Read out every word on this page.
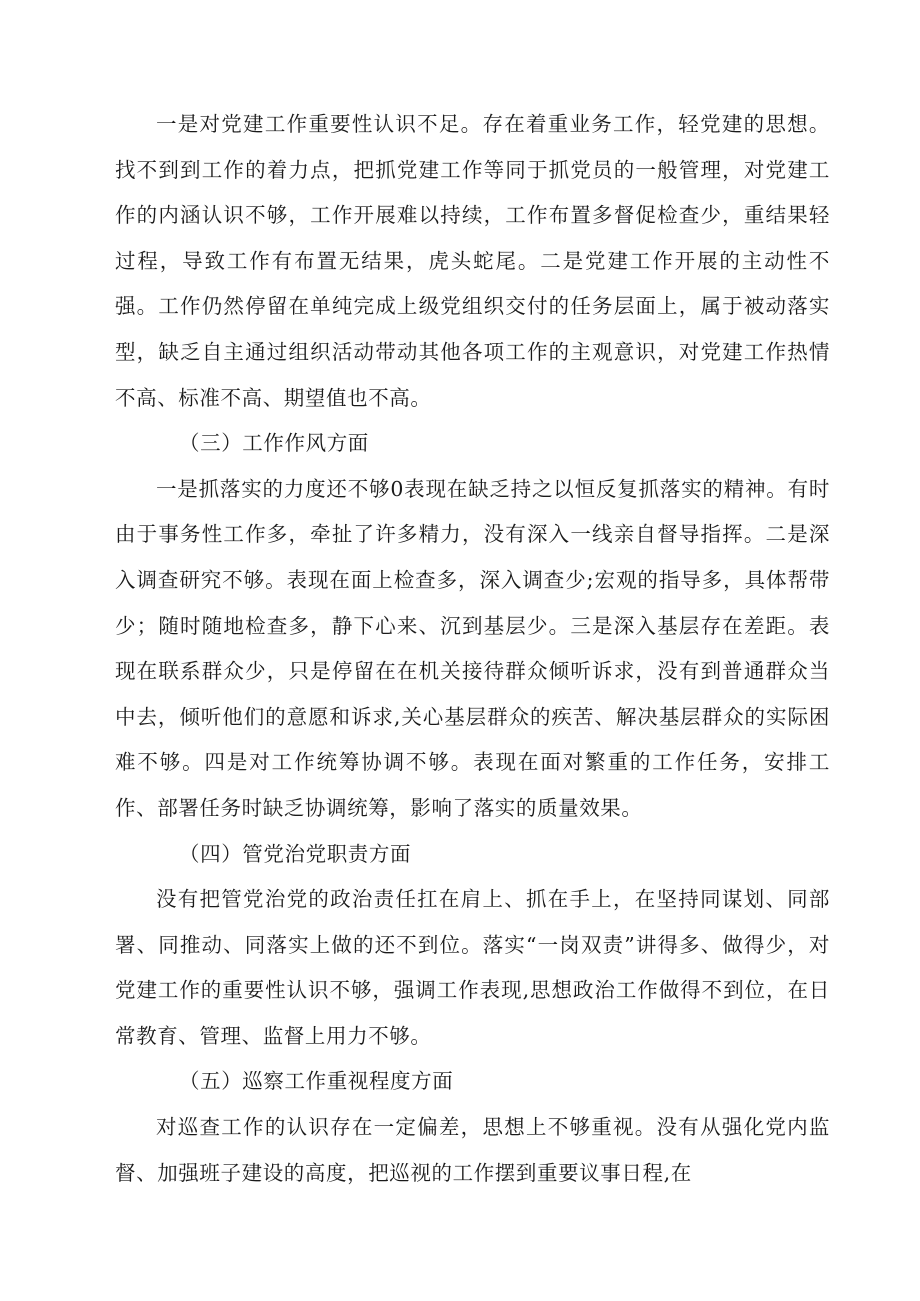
一是对党建工作重要性认识不足。存在着重业务工作，轻党建的思想。找不到到工作的着力点，把抓党建工作等同于抓党员的一般管理，对党建工作的内涵认识不够，工作开展难以持续，工作布置多督促检查少，重结果轻过程，导致工作有布置无结果，虎头蛇尾。二是党建工作开展的主动性不强。工作仍然停留在单纯完成上级党组织交付的任务层面上，属于被动落实型，缺乏自主通过组织活动带动其他各项工作的主观意识，对党建工作热情不高、标准不高、期望值也不高。

（三）工作作风方面

一是抓落实的力度还不够0表现在缺乏持之以恒反复抓落实的精神。有时由于事务性工作多，牵扯了许多精力，没有深入一线亲自督导指挥。二是深入调查研究不够。表现在面上检查多，深入调查少;宏观的指导多，具体帮带少；随时随地检查多，静下心来、沉到基层少。三是深入基层存在差距。表现在联系群众少，只是停留在在机关接待群众倾听诉求，没有到普通群众当中去，倾听他们的意愿和诉求,关心基层群众的疾苦、解决基层群众的实际困难不够。四是对工作统筹协调不够。表现在面对繁重的工作任务，安排工作、部署任务时缺乏协调统筹，影响了落实的质量效果。

（四）管党治党职责方面

没有把管党治党的政治责任扛在肩上、抓在手上，在坚持同谋划、同部署、同推动、同落实上做的还不到位。落实“一岗双责”讲得多、做得少，对党建工作的重要性认识不够，强调工作表现,思想政治工作做得不到位，在日常教育、管理、监督上用力不够。

（五）巡察工作重视程度方面

对巡查工作的认识存在一定偏差，思想上不够重视。没有从强化党内监督、加强班子建设的高度，把巡视的工作摆到重要议事日程,在
